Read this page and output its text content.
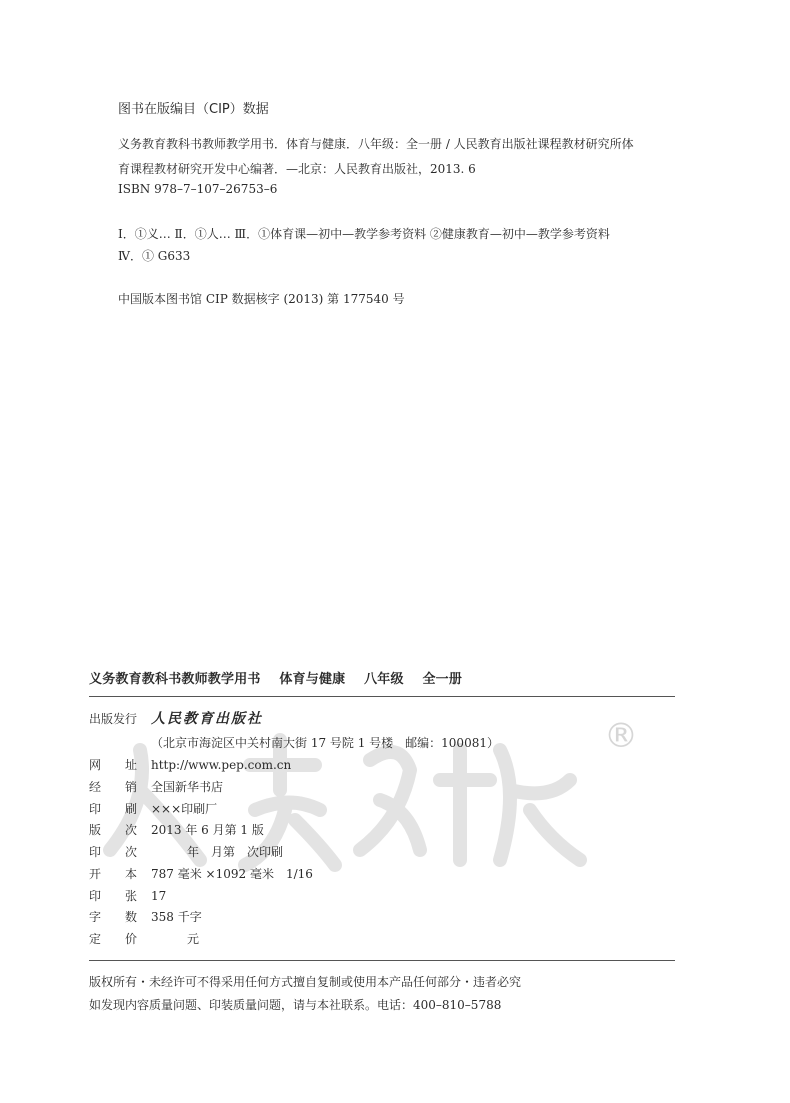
®
图书在版编目（CIP）数据
义务教育教科书教师教学用书．体育与健康．八年级：全一册 / 人民教育出版社课程教材研究所体
育课程教材研究开发中心编著．—北京：人民教育出版社，2013. 6
ISBN 978–7–107–26753–6
Ⅰ．①义… Ⅱ．①人… Ⅲ．①体育课—初中—教学参考资料 ②健康教育—初中—教学参考资料
Ⅳ．① G633
中国版本图书馆 CIP 数据核字 (2013) 第 177540 号
义务教育教科书教师教学用书 体育与健康 八年级 全一册
出版发行 人民教育出版社
（北京市海淀区中关村南大街 17 号院 1 号楼　邮编：100081）
网　　址 http://www.pep.com.cn
经　　销 全国新华书店
印　　刷 ×××印刷厂
版　　次 2013 年 6 月第 1 版
印　　次　　　年　月第　次印刷
开　　本 787 毫米 ×1092 毫米　1/16
印　　张 17
字　　数 358 千字
定　　价　　　元
版权所有・未经许可不得采用任何方式擅自复制或使用本产品任何部分・违者必究
如发现内容质量问题、印装质量问题，请与本社联系。电话：400–810–5788
